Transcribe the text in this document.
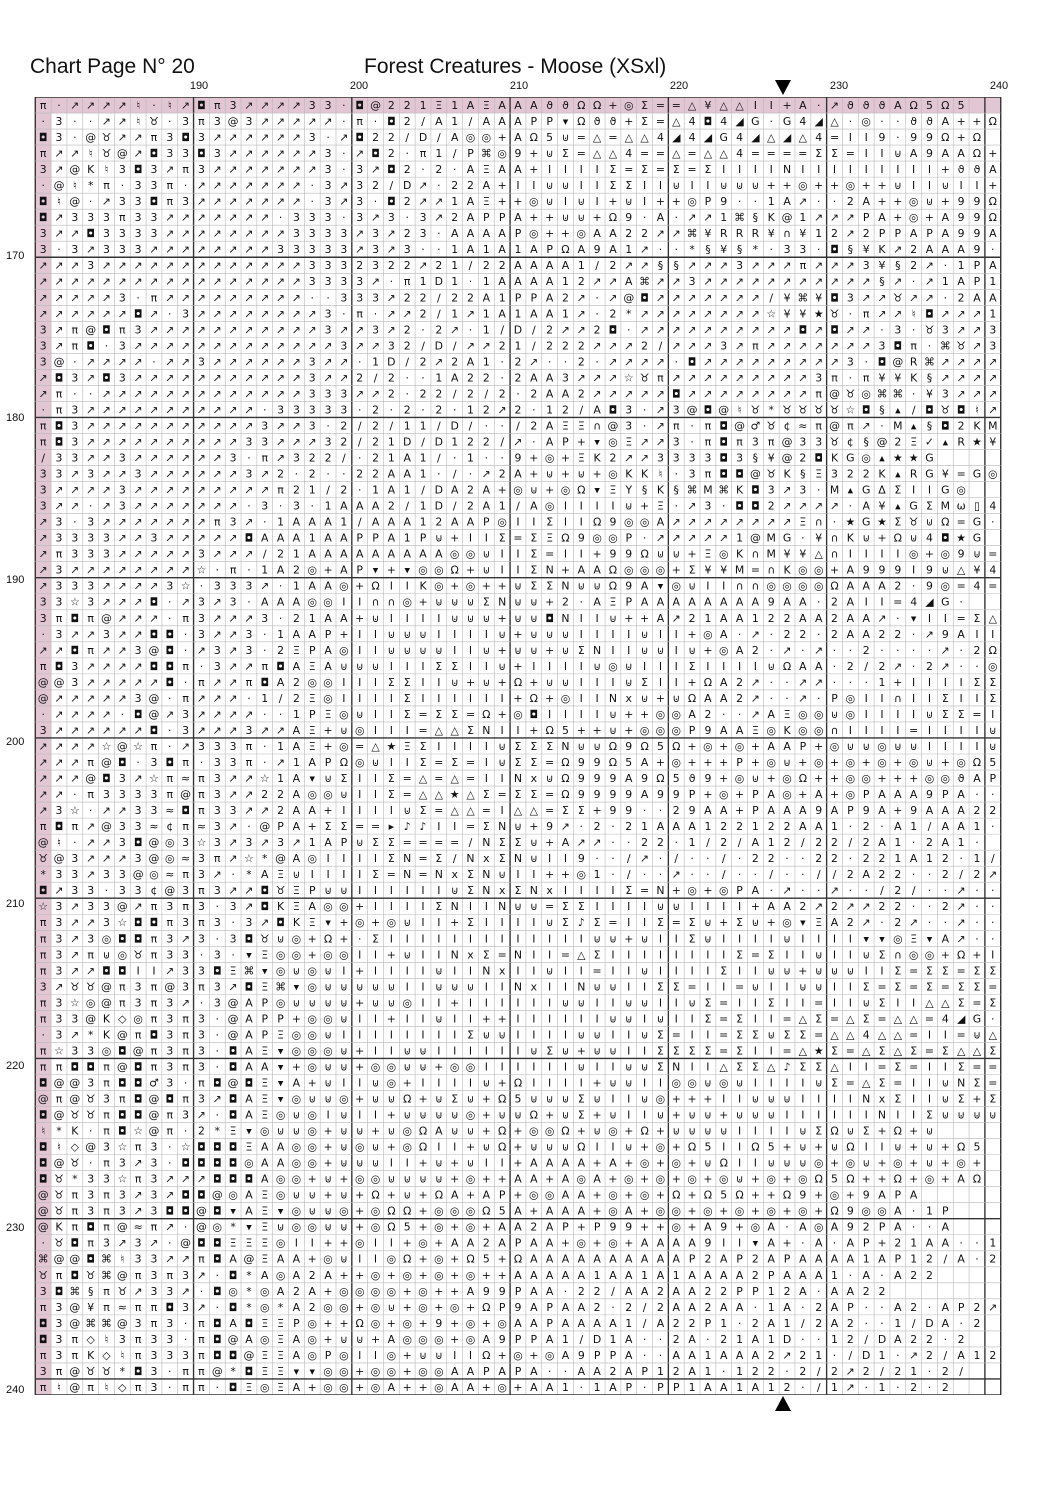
Chart Page N° 20	Forest Creatures - Moose (XSxl)
190	200	210	220	230	240
170
180
190
200
210
220
230
240
π · ↗ ↗ ↗ ↗ ♮ · ♮ ↗ ◘ π 3 ↗ ↗ ↗ ↗ 3 3 · ◘ @ 2 2 1 Ξ 1 A Ξ A A A ϑ ϑ Ω Ω + ◎ Σ = = △ ¥ △ △ Ι Ι + A · ↗ ϑ ϑ ϑ A Ω 5 Ω 5
· 3 · · ↗ ↗ ♮ ♉ · 3 π 3 @ 3 ↗ ↗ ↗ ↗ ↗ · π · ◘ 2 ∕ A 1 ∕ A A A P P ▾ Ω ϑ ϑ + Σ = △ 4 ◘ 4 ◢ G · G 4 ◢ △ · ◎ · · ϑ ϑ A + + Ω
◘ 3 · @ ♉ ↗ ↗ π 3 ◘ 3 ↗ ↗ ↗ ↗ ↗ ↗ 3 · ↗ ◘ 2 2 ∕ D ∕ A ◎ ◎ + A Ω 5 ⊍ = △ = △ △ 4 ◢ 4 ◢ G 4 ◢ △ ◢ △ 4 = Ι Ι 9 · 9 9 Ω + Ω
π ↗ ↗ ♮ ♉ @ ↗ ◘ 3 3 ◘ 3 ↗ ↗ ↗ ↗ ↗ ↗ 3 · ↗ ◘ 2 · π 1 ∕ P ⌘ ◎ 9 + ⊍ Σ = △ △ 4 = = △ = △ △ 4 = = = = Σ Σ = Ι Ι ⊍ A 9 A A Ω +
3 ↗ @ K ♮ 3 ◘ 3 ↗ π 3 ↗ ↗ ↗ ↗ ↗ ↗ ↗ 3 · 3 ↗ ◘ 2 · 2 · A Ξ A A + Ι Ι Ι Ι Σ = Σ = Σ = Σ Ι Ι Ι Ι N Ι Ι Ι Ι Ι Ι Ι Ι Ι + ϑ ϑ A
· @ ♮ * π · 3 3 π · ↗ ↗ ↗ ↗ ↗ ↗ ↗ · 3 ↗ 3 2 ∕ D ↗ · 2 2 A + Ι Ι ⊍ ⊍ Ι Ι Σ Σ Ι Ι ⊍ Ι Ι ⊍ ⊍ ⊍ + + ◎ + + ◎ + + ⊍ Ι Ι ⊍ Ι Ι +
◘ ♮ @ · ↗ 3 3 ◘ π 3 ↗ ↗ ↗ ↗ ↗ ↗ ↗ · 3 ↗ 3 · ◘ 2 ↗ ↗ 1 A Ξ + + ◎ ⊍ Ι ⊍ Ι + ⊍ Ι + + ◎ P 9 · · 1 A ↗ · · 2 A + + ◎ ⊍ + 9 9 Ω
◘ ↗ 3 3 3 π 3 3 ↗ ↗ ↗ ↗ ↗ ↗ ↗ · 3 3 3 · 3 ↗ 3 · 3 ↗ 2 A P P A + + ⊍ ⊍ + Ω 9 · A · ↗ ↗ 1 ⌘ § K @ 1 ↗ ↗ ↗ P A + ◎ + A 9 9 Ω
3 ↗ ↗ ◘ 3 3 3 3 ↗ ↗ ↗ ↗ ↗ ↗ ↗ ↗ 3 3 3 3 ↗ 3 ↗ 2 3 · A A A A P ◎ + + ◎ A A 2 2 ↗ ↗ ⌘ ¥ R R R ¥ ∩ ¥ 1 2 ↗ 2 P P A P A 9 9 A
3 · 3 ↗ 3 3 3 ↗ ↗ ↗ ↗ ↗ ↗ ↗ ↗ 3 3 3 3 3 ↗ 3 ↗ 3 · · 1 A 1 A 1 A P Ω A 9 A 1 ↗ · · * § ¥ § * · 3 3 · ◘ § ¥ K ↗ 2 A A A 9 ·
↗ ↗ ↗ 3 ↗ ↗ ↗ ↗ ↗ ↗ ↗ ↗ ↗ ↗ ↗ ↗ ↗ 3 3 3 2 3 2 2 ↗ 2 1 ∕ 2 2 A A A A 1 ∕ 2 ↗ ↗ § § ↗ ↗ ↗ 3 ↗ ↗ ↗ π ↗ ↗ ↗ 3 ¥ § 2 ↗ · 1 P A
↗ ↗ ↗ ↗ ↗ ↗ ↗ ↗ ↗ ↗ ↗ ↗ ↗ ↗ ↗ ↗ ↗ 3 3 3 3 ↗ · π 1 D 1 · 1 A A A A 1 2 ↗ ↗ A ⌘ ↗ ↗ 3 ↗ ↗ ↗ ↗ ↗ ↗ ↗ ↗ ↗ ↗ ↗ § ↗ · ↗ 1 A P 1
↗ ↗ ↗ ↗ ↗ 3 · π ↗ ↗ ↗ ↗ ↗ ↗ ↗ ↗ ↗ · · 3 3 3 ↗ 2 2 ∕ 2 2 A 1 P P A 2 ↗ · ↗ @ ◘ ↗ ↗ ↗ ↗ ↗ ↗ ↗ ∕ ¥ ⌘ ¥ ◘ 3 ↗ ↗ ♉ ↗ ↗ · 2 A A
↗ ↗ ↗ ↗ ↗ ↗ ◘ ↗ · 3 ↗ ↗ ↗ ↗ ↗ ↗ ↗ ↗ 3 · π · ↗ ↗ 2 ∕ 1 ↗ 1 A 1 A A 1 ↗ · 2 * ↗ ↗ ↗ ↗ ↗ ↗ ↗ ↗ ☆ ¥ ¥ ★ ♉ · π ↗ ↗ ♮ ◘ ↗ ↗ ↗ 1
3 ↗ π @ ◘ π 3 ↗ ↗ ↗ ↗ ↗ ↗ ↗ ↗ ↗ ↗ ↗ 3 ↗ ↗ 3 ↗ 2 · 2 ↗ · 1 ∕ D ∕ 2 ↗ ↗ 2 ◘ · ↗ ↗ ↗ ↗ ↗ ↗ ↗ ↗ ↗ ↗ ◘ ↗ ◘ ↗ ↗ · 3 · ♉ 3 ↗ ↗ 3
3 ↗ π ◘ · 3 ↗ ↗ ↗ ↗ ↗ ↗ ↗ ↗ ↗ ↗ ↗ ↗ ↗ 3 ↗ ↗ 3 2 ∕ D ∕ ↗ ↗ 2 1 ∕ 2 2 2 ↗ ↗ ↗ 2 ∕ ↗ ↗ ↗ 3 ↗ π ↗ ↗ ↗ ↗ ↗ ↗ ↗ 3 ◘ π · ⌘ ♉ ↗ 3
3 @ · ↗ ↗ ↗ ↗ · ↗ ↗ 3 ↗ ↗ ↗ ↗ ↗ ↗ 3 ↗ ↗ · 1 D ∕ 2 ↗ 2 A 1 · 2 ↗ · · 2 · ↗ ↗ ↗ ↗ · ◘ ↗ ↗ ↗ ↗ ↗ ↗ ↗ ↗ ↗ 3 · ◘ @ R ⌘ ↗ ↗ ↗ ↗
↗ ◘ 3 ↗ ◘ 3 ↗ ↗ ↗ ↗ ↗ ↗ ↗ ↗ ↗ ↗ ↗ 3 ↗ ↗ 2 ∕ 2 · · 1 A 2 2 · 2 A A 3 ↗ ↗ ↗ ☆ ♉ π ↗ ↗ ↗ ↗ ↗ ↗ ↗ ↗ ↗ 3 π · π ¥ ¥ K § ↗ ↗ ↗ ↗
↗ π · · ↗ ↗ ↗ ↗ ↗ ↗ ↗ ↗ ↗ ↗ ↗ ↗ ↗ 3 3 3 ↗ ↗ 2 · 2 2 ∕ 2 ∕ 2 · 2 A A 2 ↗ ↗ ↗ ↗ ↗ ◘ ↗ ↗ ↗ ↗ ↗ ↗ ↗ ↗ π @ ♉ ◎ ⌘ ⌘ · ¥ 3 ↗ ↗ ↗
· π 3 ↗ ↗ ↗ ↗ ↗ ↗ ↗ ↗ ↗ ↗ ↗ · 3 3 3 3 3 · 2 · 2 · 2 · 1 2 ↗ 2 · 1 2 ∕ A ◘ 3 · ↗ 3 @ ◘ @ ♮ ♉ * ♉ ♉ ♉ ♉ ☆ ◘ § ▴ ∕ ◘ ♉ ◘ ♮ ↗
π ◘ 3 ↗ ↗ ↗ ↗ ↗ ↗ ↗ ↗ ↗ ↗ ↗ 3 ↗ ↗ 3 · 2 ∕ 2 ∕ 1 1 ∕ D ∕ · · ∕ 2 A Ξ Ξ ∩ @ 3 · ↗ π · π ◘ @ ♂ ♉ ¢ ≈ π @ π ↗ · M ▴ § ◘ 2 K M
π ◘ 3 ↗ ↗ ↗ ↗ ↗ ↗ ↗ ↗ ↗ ↗ 3 3 ↗ ↗ ↗ 3 2 ∕ 2 1 D ∕ D 1 2 2 ∕ ↗ · A P + ▾ ◎ Ξ ↗ ↗ 3 · π ◘ π 3 π @ 3 3 ♉ ¢ § @ 2 Ξ ✓ ▴ R ★ ¥
∕ 3 3 ↗ ↗ 3 ↗ ↗ ↗ ↗ ↗ ↗ 3 · π ↗ 3 2 2 ∕ · 2 1 A 1 ∕ · 1 · · 9 + ◎ + Ξ K 2 ↗ ↗ 3 3 3 3 ◘ 3 § ¥ @ 2 ◘ K G ◎ ▴ ★ ★ G
3 3 ↗ 3 ↗ ↗ 3 ↗ ↗ ↗ ↗ ↗ ↗ 3 ↗ 2 · 2 · · 2 2 A A 1 · ∕ · ↗ 2 A + ⊍ + ⊍ + ◎ K K ♮ · 3 π ◘ ◘ @ ♉ K § Ξ 3 2 2 K ▴ R G ¥ = G ◎
3 ↗ ↗ ↗ ↗ 3 ↗ ↗ ↗ ↗ ↗ ↗ ↗ ↗ ↗ π 2 1 ∕ 2 · 1 A 1 ∕ D A 2 A + ◎ ⊍ + ◎ Ω ▾ Ξ Υ § K § ⌘ M ⌘ K ◘ 3 ↗ 3 · M ▴ G Δ Σ Ι Ι G ◎
3 ↗ ↗ · ↗ 3 ↗ ↗ ↗ ↗ ↗ ↗ ↗ · 3 · 3 · 1 A A A 2 ∕ 1 D ∕ 2 A 1 ∕ A ◎ Ι Ι Ι Ι ⊍ + Ξ · ↗ 3 · ◘ ◘ 2 ↗ ↗ ↗ ↗ · A ¥ ▴ G Σ M ω ▯ 4
↗ 3 · 3 ↗ ↗ ↗ ↗ ↗ ↗ ↗ π 3 ↗ · 1 A A A 1 ∕ A A A 1 2 A A P ◎ Ι Ι Σ Ι Ι Ω 9 ◎ ◎ A ↗ ↗ ↗ ↗ ↗ ↗ ↗ ↗ Ξ ∩ · ★ G ★ Σ ♉ ⊍ Ω = G ·
↗ 3 3 3 3 ↗ ↗ 3 ↗ ↗ ↗ ↗ ↗ ◘ A A A 1 A A P P A 1 P ⊍ + Ι Ι Σ = Σ Ξ Ω 9 ◎ ◎ P · ↗ ↗ ↗ ↗ ↗ 1 @ M G · ¥ ∩ K ⊍ + Ω ⊍ 4 ◘ ★ G
↗ π 3 3 3 ↗ ↗ ↗ ↗ ↗ 3 ↗ ↗ ↗ ∕ 2 1 A A A A A A A A A ◎ ◎ ⊍ Ι Ι Σ = Ι Ι + 9 9 Ω ⊍ ⊍ + Ξ ◎ K ∩ M ¥ ¥ △ ∩ Ι Ι Ι Ι ◎ + ◎ 9 ⊍ =
↗ 3 ↗ ↗ ↗ ↗ ↗ ↗ ↗ ↗ ☆ · π · 1 A 2 ◎ + A P ▾ + ▾ ◎ ◎ Ω + ⊍ Ι Ι Σ N + A A Ω ◎ ◎ ◎ + Σ ¥ ¥ M = ∩ K ◎ ◎ + A 9 9 9 Ι 9 ⊍ △ ¥ 4
↗ 3 3 3 ↗ ↗ ↗ ↗ 3 ☆ · 3 3 3 ↗ · 1 A A ◎ + Ω Ι Ι K ◎ + ◎ + + ⊍ Σ Σ N ⊍ ⊍ Ω 9 A ▾ ◎ ⊍ Ι Ι ∩ ∩ ◎ ◎ ◎ ◎ Ω A A A 2 · 9 ◎ = 4 =
3 3 ☆ 3 ↗ ↗ ↗ ◘ · ↗ 3 ↗ 3 · A A A ◎ ◎ Ι Ι ∩ ∩ ◎ + ⊍ ⊍ ⊍ Σ N ⊍ ⊍ + 2 · A Ξ P A A A A A A A A 9 A A · 2 A Ι Ι = 4 ◢ G ·
3 π ◘ π @ ↗ ↗ ↗ · π 3 ↗ ↗ ↗ 3 · 2 1 A A + ⊍ Ι Ι Ι Ι ⊍ ⊍ ⊍ + ⊍ ⊍ ◘ N Ι Ι ⊍ + + A ↗ 2 1 A A 1 2 2 A A 2 A A ↗ · ▾ Ι Ι = Σ △
· 3 ↗ ↗ 3 ↗ ↗ ◘ ◘ · 3 ↗ ↗ 3 · 1 A A P + Ι Ι ⊍ ⊍ ⊍ Ι Ι Ι Ι ⊍ + ⊍ ⊍ ⊍ Ι Ι Ι Ι ⊍ Ι Ι + ◎ A · ↗ · 2 2 · 2 A A 2 2 · ↗ 9 A Ι Ι
↗ ↗ ◘ π ↗ ↗ 3 @ ◘ · ↗ 3 ↗ 3 · 2 Ξ P A ◎ Ι Ι ⊍ ⊍ ⊍ ⊍ Ι Ι ⊍ + ⊍ ⊍ + ⊍ Σ N Ι Ι ⊍ ⊍ Ι ⊍ + ◎ A 2 · ↗ · ↗ · · 2 · · · · ↗ · 2 Ω
π ◘ 3 ↗ ↗ ↗ ↗ ◘ ◘ π · 3 ↗ ↗ π ◘ A Ξ A ⊍ ⊍ ⊍ Ι Ι Ι Σ Σ Ι Ι ⊍ + Ι Ι Ι Ι ⊍ ◎ ⊍ Ι Ι Ι Σ Ι Ι Ι Ι ⊍ Ω A A · 2 ∕ 2 ↗ · 2 ↗ · · ◎
@ @ 3 ↗ ↗ ↗ ↗ ↗ ◘ · π ↗ ↗ π ◘ A 2 ◎ ◎ Ι Ι Ι Σ Σ Ι Ι ⊍ + ⊍ + Ω + ⊍ ⊍ Ι Ι Ι ⊍ Σ Ι Ι + Ω A 2 ↗ · · ↗ ↗ · · · 1 + Ι Ι Ι Ι Σ Σ
@ ↗ ↗ ↗ ↗ ↗ 3 @ · π ↗ ↗ ↗ · 1 ∕ 2 Ξ ◎ Ι Ι Ι Ι Σ Ι Ι Ι Ι Ι Ι + Ω + ◎ Ι Ι N x ⊍ + ⊍ Ω A A 2 ↗ · · ↗ · P ◎ Ι Ι ∩ Ι Ι Σ Ι Ι Σ
· ↗ ↗ ↗ ↗ · ◘ @ ↗ 3 ↗ ↗ ↗ ↗ · · 1 P Ξ ◎ ⊍ Ι Ι Σ = Σ Σ = Ω + ◎ ◘ Ι Ι Ι Ι ⊍ + + ◎ ◎ A 2 · · ↗ A Ξ ◎ ◎ ⊍ ◎ Ι Ι Ι Ι ⊍ Σ Σ = Ι
3 ↗ ↗ ↗ ↗ ↗ ↗ ◘ · 3 ↗ ↗ ↗ 3 ↗ ↗ A Ξ + ⊍ ◎ Ι Ι Ι = △ △ Σ N Ι Ι + Ω 5 + + ⊍ + ◎ ◎ ◎ P 9 A A Ξ ◎ K ◎ ◎ ∩ Ι Ι Ι Ι = Ι Ι Ι Ι ⊍
↗ ↗ ↗ ↗ ☆ @ ☆ π · ↗ 3 3 3 π · 1 A Ξ + ◎ = △ ★ Ξ Σ Ι Ι Ι Ι ⊍ Σ Σ Σ N ⊍ ⊍ Ω 9 Ω 5 Ω + ◎ + ◎ + A A P + ◎ ⊍ ⊍ ◎ ⊍ ⊍ Ι Ι Ι Ι ⊍
↗ ↗ ↗ π @ ◘ · 3 ◘ π · 3 3 π · ↗ 1 A P Ω ◎ ⊍ Ι Ι Σ = Σ = Ι ⊍ Σ Σ = Ω 9 9 Ω 5 A + ◎ + + + P + ◎ ⊍ + ◎ + ◎ + ◎ + ◎ ⊍ + ◎ Ω 5
↗ ↗ ↗ @ ◘ 3 ↗ ☆ π ≈ π 3 ↗ ↗ ☆ 1 A ▾ ⊍ Σ Ι Ι Σ = △ = △ = Ι Ι N x ⊍ Ω 9 9 9 A 9 Ω 5 ϑ 9 + ◎ ⊍ + ◎ Ω + + ◎ ◎ + + + ◎ ◎ ϑ A P
↗ ↗ · π 3 3 3 3 π @ π 3 ↗ ↗ 2 2 A ◎ ◎ ⊍ Ι Ι Σ = △ △ ★ △ Σ = Σ Σ = Ω 9 9 9 9 A 9 9 P + ◎ + P A ◎ + A + ◎ P A A A 9 P A · ·
↗ 3 ☆ · ↗ ↗ 3 3 ≈ ◘ π 3 3 ↗ ↗ 2 A A + Ι Ι Ι Ι ⊍ Σ = △ △ = Ι △ △ = Σ Σ + 9 9 · · 2 9 A A + P A A A 9 A P 9 A + 9 A A A 2 2
π ◘ π ↗ @ 3 3 ≈ ¢ π ≈ 3 ↗ · @ P A + Σ Σ = = ▸ ♪ ♪ Ι Ι = Σ N ⊍ + 9 ↗ · 2 · 2 1 A A A 1 2 2 1 2 2 A A 1 · 2 · A 1 ∕ A A 1 ·
@ ♮ · ↗ ↗ 3 ◘ @ ◎ 3 ☆ 3 ↗ 3 ↗ 3 ↗ 1 A P ⊍ Σ Σ = = = = ∕ N Σ Σ ⊍ + A ↗ ↗ · · 2 2 · 1 ∕ 2 ∕ A 1 2 ∕ 2 2 ∕ 2 A 1 · 2 A 1 ·
♉ @ 3 ↗ ↗ ↗ 3 @ ◎ ≈ 3 π ↗ ☆ * @ A ◎ Ι Ι Ι Ι Σ N = Σ ∕ N x Σ N ⊍ Ι Ι 9 · · ∕ ↗ · ∕ · · ∕ · 2 2 · · 2 2 · 2 2 1 A 1 2 · 1 ∕
* 3 3 ↗ 3 3 @ ◎ ≈ π 3 ↗ · * A Ξ ⊍ Ι Ι Ι Ι Σ = N = N x Σ N ⊍ Ι Ι + + ◎ 1 · ∕ · · ↗ · · ∕ · · ∕ · · ∕ ∕ 2 A 2 2 · · 2 ∕ 2 ↗
◘ ↗ 3 3 · 3 3 ¢ @ 3 π 3 ↗ ↗ ◘ ♉ Ξ P ⊍ ⊍ Ι Ι Ι Ι Ι Ι ⊍ Σ N x Σ N x Ι Ι Ι Ι Σ = N + ◎ + ◎ P A · ↗ · · ↗ · · ∕ 2 ∕ · · ↗ · ·
☆ 3 ↗ 3 3 @ ↗ π 3 π 3 · 3 ↗ ◘ K Ξ A ◎ ◎ + Ι Ι Ι Ι Σ N Ι Ι N ⊍ ⊍ = Σ Σ Ι Ι Ι Ι ⊍ ⊍ Ι Ι Ι Ι + A A 2 ↗ 2 ↗ ↗ 2 2 · · 2 ↗ · ·
π 3 ↗ ↗ 3 ☆ ◘ ◘ π 3 π 3 · 3 ↗ ◘ K Ξ ▾ + ◎ + ◎ ⊍ Ι Ι + Σ Ι Ι Ι Ι ⊍ Σ ♪ Σ = Ι Ι Σ = Σ ⊍ + Σ ⊍ + ◎ ▾ Ξ A 2 ↗ · 2 ↗ · · ↗ · ·
π 3 ↗ 3 ◎ ◘ ◘ π 3 ↗ 3 · 3 ◘ ♉ ⊍ ◎ + Ω + · Σ Ι Ι Ι Ι Ι Ι Ι Ι Ι Ι Ι Ι Ι ⊍ ⊍ + ⊍ Ι Ι Σ ⊍ Ι Ι Ι Ι ⊍ Ι Ι Ι Ι ▾ ▾ ◎ Ξ ▾ A ↗ · ·
π 3 ↗ π ⊍ ◎ ♉ π 3 3 · 3 · ▾ Ξ ◎ ◎ + ◎ ◎ Ι Ι + ⊍ Ι Ι N x Σ = N Ι Ι = △ Σ Ι Ι Ι Ι Ι Ι Ι Ι Σ = Σ Ι Ι ⊍ Ι Ι ⊍ Σ ∩ ◎ ◎ + Ω + Ι
π 3 ↗ ↗ ◘ ◘ Ι Ι ↗ 3 3 ◘ Ξ ⌘ ▾ ◎ ⊍ ◎ ⊍ Ι + Ι Ι Ι Ι ⊍ Ι Ι N x Ι Ι ⊍ Ι Ι = Ι Ι ⊍ Ι Ι Ι Ι Σ Ι Ι ⊍ ⊍ + ⊍ ⊍ ⊍ Ι Ι Σ = Σ Σ = Σ Σ
3 ↗ ♉ ♉ @ π 3 π @ 3 π 3 ↗ ◘ Ξ ⌘ ▾ ◎ ⊍ ⊍ ⊍ ⊍ ⊍ Ι Ι ⊍ ⊍ ⊍ Ι Ι N x Ι Ι N ⊍ ⊍ Ι Ι Σ Σ = Ι Ι = ⊍ Ι Ι ⊍ ⊍ Ι Ι Σ = Σ = Σ = Σ Σ =
π 3 ☆ ◎ @ π 3 π 3 ↗ · 3 @ A P ◎ ⊍ ⊍ ⊍ ⊍ + ⊍ ⊍ ◎ Ι Ι + Ι Ι Ι Ι Ι Ι ⊍ ⊍ Ι Ι ⊍ ⊍ Ι Ι ⊍ Σ = Ι Ι Σ Ι Ι = Ι Ι ⊍ Σ Ι Ι △ △ Σ = Σ
π 3 3 @ K ◇ ◎ π 3 π 3 · @ A P P + ◎ ◎ ⊍ Ι Ι + Ι Ι ⊍ Ι Ι + + Ι Ι Ι Ι Ι Ι ⊍ ⊍ Ι ⊍ Ι Ι Σ = Σ Ι Ι = △ Σ = △ Σ = △ △ = 4 ◢ G ·
· 3 ↗ * K @ π ◘ 3 π 3 · @ A P Ξ ◎ ◎ ⊍ Ι Ι Ι Ι Ι Ι Ι Ι Σ ⊍ ⊍ Ι Ι Ι Ι ⊍ ⊍ Ι Ι ⊍ Σ = Ι Ι = Σ Σ ⊍ Σ Σ = △ △ 4 △ △ = Ι Ι = ⊍ △
π ☆ 3 3 ◎ ◘ @ π 3 π 3 · ◘ A Ξ ▾ ◎ ◎ ◎ ⊍ + Ι Ι ⊍ ⊍ Ι Ι Ι Ι Ι Ι ⊍ Σ ⊍ + ⊍ ⊍ Ι Ι Σ Σ Σ Σ = Σ Ι Ι = △ ★ Σ = △ Σ △ Σ = Σ △ △ Σ
π π ◘ ◘ π @ ◘ π 3 π 3 · ◘ A A ▾ + ◎ ⊍ ⊍ + ◎ ◎ ⊍ ⊍ + ◎ ◎ Ι Ι Ι Ι Ι Ι ⊍ Ι Ι ⊍ ⊍ Σ N Ι Ι △ Σ Σ △ ♪ Σ Σ △ Ι Ι = Σ = Ι Ι Σ = =
◘ @ @ 3 π ◘ ◘ ♂ 3 · π ◘ @ ◘ Ξ ▾ A + ⊍ Ι Ι ⊍ ◎ + Ι Ι Ι Ι ⊍ + Ω Ι Ι Ι Ι + ⊍ ⊍ Ι Ι ◎ ◎ ⊍ ◎ ⊍ Ι Ι Ι Ι ⊍ Σ = △ Σ = Ι Ι ⊍ N Σ =
@ π @ ♉ 3 π ◘ @ ◘ π 3 ↗ ◘ A Ξ ▾ ◎ ⊍ ⊍ ◎ + ⊍ ⊍ Ω + ⊍ Σ ⊍ + Ω 5 ⊍ ⊍ ⊍ Σ ⊍ Ι Ι ⊍ ◎ + + + Ι Ι ⊍ ⊍ ⊍ Ι Ι Ι Ι N x Σ Ι Ι ⊍ Σ + Σ
◘ @ ♉ ♉ π ◘ ◘ @ π 3 ↗ · ◘ A Ξ ◎ ⊍ ◎ Ι ⊍ Ι Ι + ⊍ ⊍ ⊍ ⊍ ◎ + ⊍ ⊍ Ω + ⊍ Σ + ⊍ Ι Ι ⊍ + ⊍ ⊍ + ⊍ ⊍ ⊍ Ι Ι Ι Ι Ι Ι N Ι Ι Σ ⊍ ⊍ ⊍ ⊍
♮ * K · π ◘ ☆ @ π · 2 * Ξ ▾ ◎ ⊍ ⊍ ◎ + ⊍ ⊍ + ⊍ ◎ Ω A ⊍ ⊍ + Ω + ◎ ◎ Ω + ⊍ ◎ + Ω + ⊍ ⊍ ⊍ ⊍ Ι Ι Ι Ι ⊍ Σ Ω ⊍ Σ + Ω + ⊍
◘ ♮ ◇ @ 3 ☆ π 3 · ☆ ◘ ◘ ◘ Ξ A A ◎ ◎ + ⊍ ◎ ⊍ + ◎ Ω Ι Ι + ⊍ Ω + ⊍ ⊍ ⊍ Ω Ι Ι ⊍ + ◎ + Ω 5 Ι Ι Ω 5 + ⊍ + ⊍ Ω Ι Ι ⊍ + ⊍ + Ω 5
◘ @ ♉ · π 3 ↗ 3 · ◘ ◘ ◘ ◘ ◎ A A ◎ ◎ + ⊍ ⊍ ⊍ Ι Ι + ⊍ + ⊍ Ι Ι + A A A A + A + ◎ + ◎ + ⊍ Ω Ι Ι ⊍ ⊍ ⊍ ◎ + ◎ ⊍ + ◎ + ⊍ + ◎ +
◘ ♉ * 3 3 ☆ π 3 ↗ ↗ ↗ ◘ ◘ ◘ A ◎ ◎ + ⊍ + ◎ ◎ ⊍ ⊍ ⊍ ⊍ + ◎ + + A A + A ◎ A + ◎ + ◎ + ◎ + ◎ ⊍ + ◎ + ◎ Ω 5 Ω + + Ω + ◎ + A Ω
@ ♉ π 3 π 3 ↗ 3 ↗ ◘ ◘ @ ◎ A Ξ ◎ ⊍ ⊍ + ⊍ + Ω + ⊍ + Ω A + A P + ◎ ◎ A A + ◎ + ◎ + Ω + Ω 5 Ω + + Ω 9 + ◎ + 9 A P A
@ ♉ π 3 π 3 ↗ 3 ◘ ◘ @ ◘ ▾ A Ξ ▾ ◎ ⊍ ⊍ ◎ + ◎ Ω Ω + ◎ ◎ ◎ Ω 5 A + A A A + ◎ A + ◎ ◎ + ◎ + ◎ + ◎ + ◎ + Ω 9 ◎ ◎ A · 1 P
@ K π ◘ π @ ≈ π ↗ · @ ◎ * ▾ Ξ ⊍ ◎ ◎ ⊍ ⊍ + ◎ Ω 5 + ◎ + ◎ + A A 2 A P + P 9 9 + + ◎ + A 9 + ◎ A · A ◎ A 9 2 P A · · A
· ♉ ◘ π 3 ↗ 3 ↗ · @ ◘ ◘ Ξ Ξ Ξ ◎ Ι Ι + + ◎ Ι Ι + ◎ + A A 2 A P A A + ◎ + ◎ + A A A A 9 Ι Ι ▾ A + · A · A P + 2 1 A A · · 1
⌘ @ @ ◘ ⌘ ♮ 3 3 ↗ ↗ π ◘ A @ Ξ A A + ◎ ⊍ Ι Ι ◎ Ω + ◎ + Ω 5 + Ω A A A A A A A A A A P 2 A P 2 A P A A A A 1 A P 1 2 ∕ A · 2
♉ π ◘ ♉ ⌘ @ π 3 π 3 ↗ · ◘ * A ◎ A 2 A + + ◎ + ◎ + ◎ + ◎ + + A A A A A 1 A A 1 A 1 A A A A 2 P A A A 1 · A · A 2 2
3 ◘ ⌘ § π ♉ ↗ 3 3 ↗ · ◘ ◎ * ◎ A 2 A + ◎ ◎ ◎ ◎ + ◎ + + A 9 9 P A A · 2 2 ∕ A A 2 A A 2 2 P P 1 2 A · A A 2 2
π 3 @ ¥ π ≈ π π ◘ 3 ↗ · ◘ * ◎ * A 2 ◎ ◎ + ◎ ⊍ + ◎ + ◎ + Ω P 9 A P A A 2 · 2 ∕ 2 A A 2 A A · 1 A · 2 A P · · A 2 · A P 2 ↗
◘ 3 @ ⌘ ⌘ @ 3 π 3 · π ◘ A ◘ Ξ Ξ P ◎ + + Ω ◎ + ◎ + 9 + ◎ + ◎ A A P A A A A 1 ∕ A 2 2 P 1 · 2 A 1 ∕ 2 A 2 · · 1 ∕ D A · 2
◘ 3 π ◇ ♮ 3 π 3 3 · π ◘ @ A ◎ Ξ A ◎ + ⊍ ⊍ + A ◎ ◎ ◎ + ◎ A 9 P P A 1 ∕ D 1 A · · 2 A · 2 1 A 1 D · · 1 2 ∕ D A 2 2 · 2
π 3 π K ◇ ♮ π 3 3 3 π ◘ ◘ @ Ξ Ξ A ◎ P ◎ Ι Ι ◎ + ⊍ ⊍ Ι Ι Ω + ◎ + ◎ A 9 P P A · · A A 1 A A A 2 ↗ 2 1 · ∕ D 1 · ↗ 2 ∕ A 1 2
3 π @ ♉ ♉ * ◘ 3 · π π @ * ◘ Ξ Ξ ▾ ▾ ◎ ◎ + ◎ ◎ + ◎ ◎ A A P A P A · · A A 2 A P 1 2 A 1 · 1 2 2 · 2 ∕ 2 ↗ 2 ∕ 2 1 · 2 ∕
π ♮ @ π ♮ ◇ π 3 · π π · ◘ Ξ ◎ Ξ A + ◎ ◎ + ◎ A + + ◎ A A + ◎ + A A 1 · 1 A P · P P 1 A A 1 A 1 2 · ∕ 1 ↗ · 1 · 2 · 2
